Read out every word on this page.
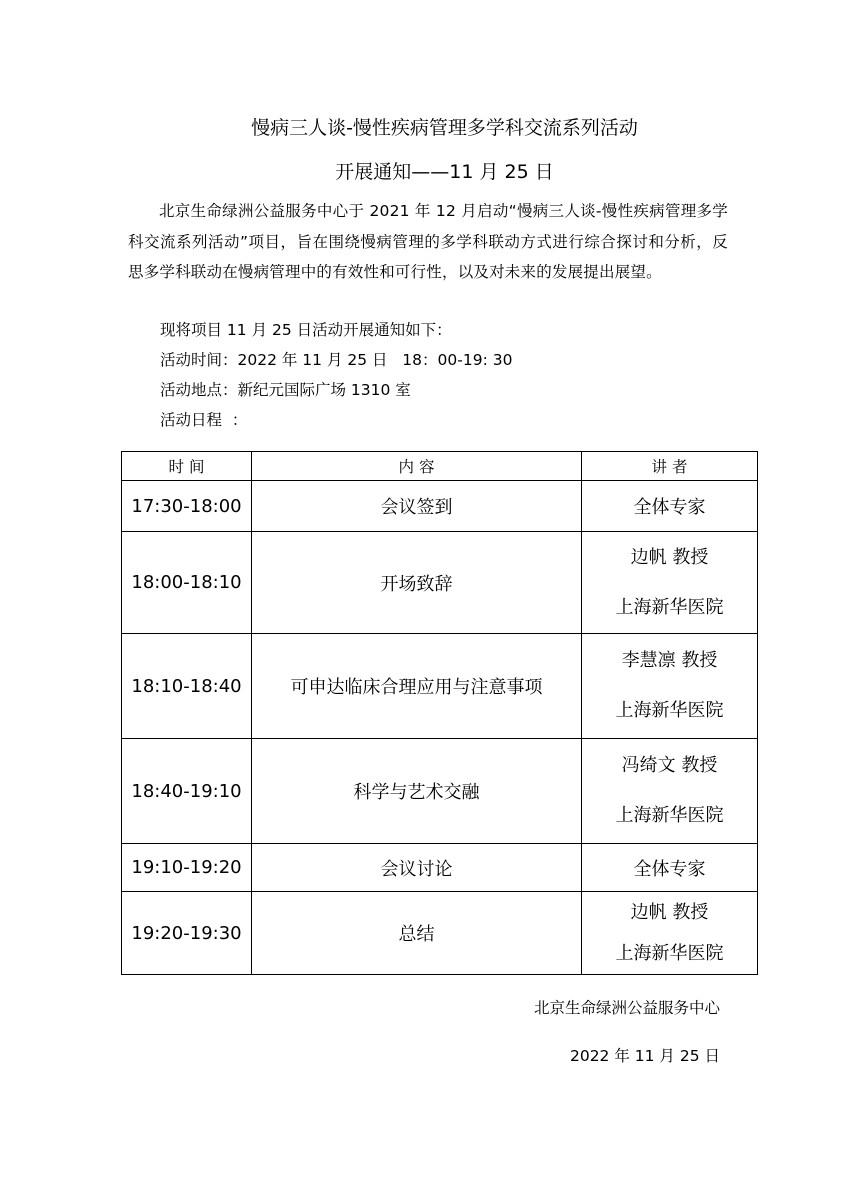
慢病三人谈-慢性疾病管理多学科交流系列活动
开展通知——11 月 25 日
北京生命绿洲公益服务中心于 2021 年 12 月启动“慢病三人谈-慢性疾病管理多学科交流系列活动”项目，旨在围绕慢病管理的多学科联动方式进行综合探讨和分析，反思多学科联动在慢病管理中的有效性和可行性，以及对未来的发展提出展望。
现将项目 11 月 25 日活动开展通知如下：
活动时间：2022 年 11 月 25 日   18：00-19: 30
活动地点：新纪元国际广场 1310 室
活动日程  ：
时 间	内 容	讲 者
17:30-18:00	会议签到	全体专家
18:00-18:10	开场致辞	边帆 教授
上海新华医院

18:10-18:40	可申达临床合理应用与注意事项	李慧凛 教授
上海新华医院

18:40-19:10	科学与艺术交融	冯绮文 教授
上海新华医院

19:10-19:20	会议讨论	全体专家
19:20-19:30	总结	边帆 教授
上海新华医院
北京生命绿洲公益服务中心
2022 年 11 月 25 日
